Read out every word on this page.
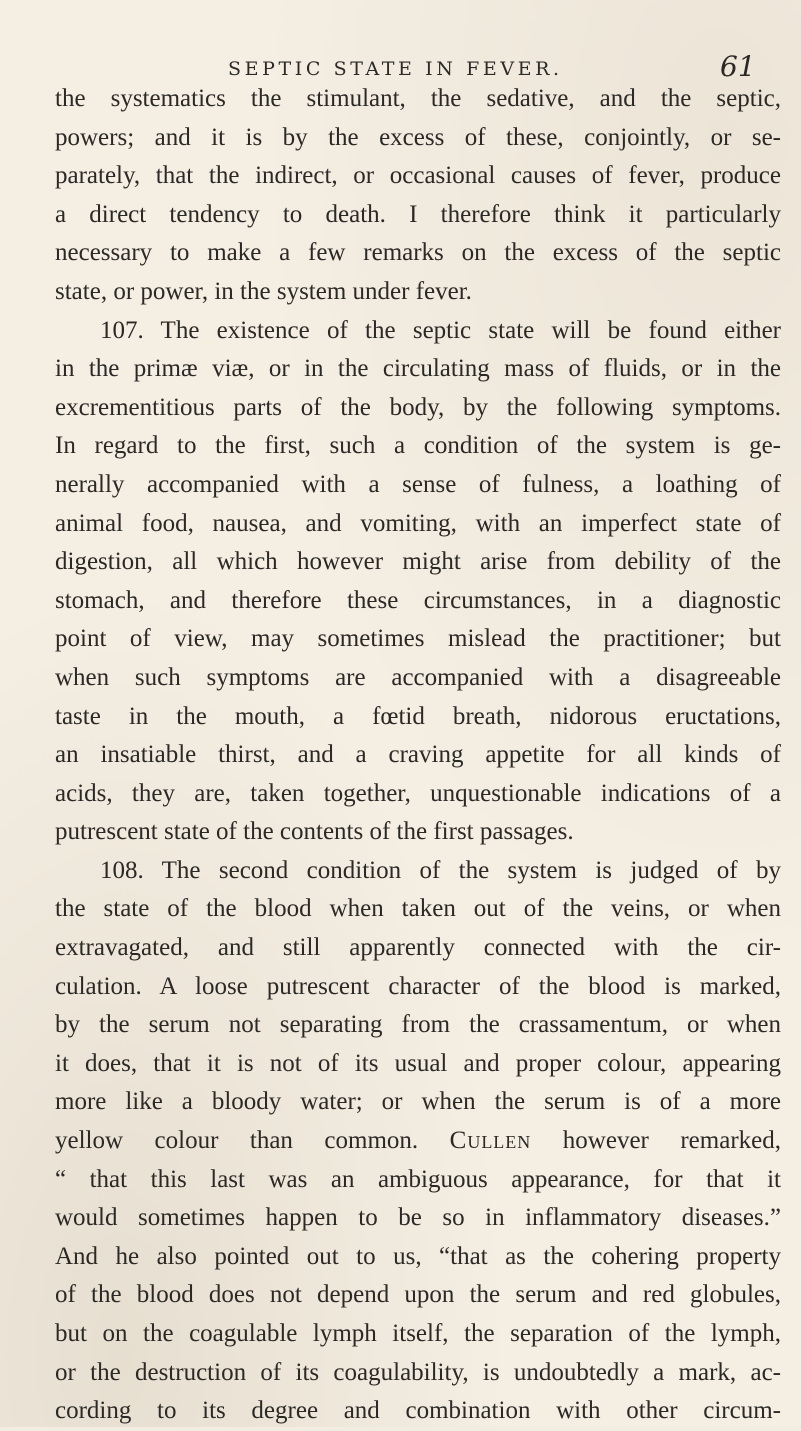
SEPTIC STATE IN FEVER.	61
the systematics the stimulant, the sedative, and the septic,
powers; and it is by the excess of these, conjointly, or se-
parately, that the indirect, or occasional causes of fever, produce
a direct tendency to death. I therefore think it particularly
necessary to make a few remarks on the excess of the septic
state, or power, in the system under fever.
107. The existence of the septic state will be found either
in the primæ viæ, or in the circulating mass of fluids, or in the
excrementitious parts of the body, by the following symptoms.
In regard to the first, such a condition of the system is ge-
nerally accompanied with a sense of fulness, a loathing of
animal food, nausea, and vomiting, with an imperfect state of
digestion, all which however might arise from debility of the
stomach, and therefore these circumstances, in a diagnostic
point of view, may sometimes mislead the practitioner; but
when such symptoms are accompanied with a disagreeable
taste in the mouth, a fœtid breath, nidorous eructations,
an insatiable thirst, and a craving appetite for all kinds of
acids, they are, taken together, unquestionable indications of a
putrescent state of the contents of the first passages.
108. The second condition of the system is judged of by
the state of the blood when taken out of the veins, or when
extravagated, and still apparently connected with the cir-
culation. A loose putrescent character of the blood is marked,
by the serum not separating from the crassamentum, or when
it does, that it is not of its usual and proper colour, appearing
more like a bloody water; or when the serum is of a more
yellow colour than common. Cullen however remarked,
“ that this last was an ambiguous appearance, for that it
would sometimes happen to be so in inflammatory diseases.”
And he also pointed out to us, “that as the cohering property
of the blood does not depend upon the serum and red globules,
but on the coagulable lymph itself, the separation of the lymph,
or the destruction of its coagulability, is undoubtedly a mark, ac-
cording to its degree and combination with other circum-
